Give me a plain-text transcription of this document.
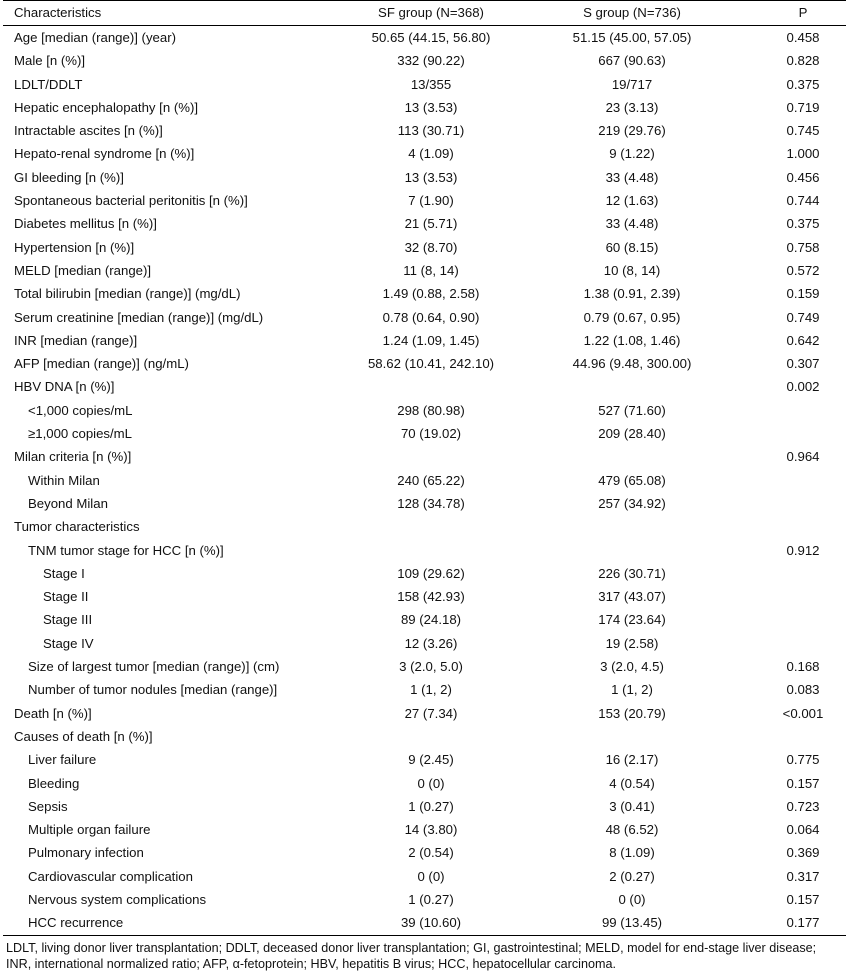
Characteristics	SF group (N=368)	S group (N=736)	P
Age [median (range)] (year)	50.65 (44.15, 56.80)	51.15 (45.00, 57.05)	0.458
Male [n (%)]	332 (90.22)	667 (90.63)	0.828
LDLT/DDLT	13/355	19/717	0.375
Hepatic encephalopathy [n (%)]	13 (3.53)	23 (3.13)	0.719
Intractable ascites [n (%)]	113 (30.71)	219 (29.76)	0.745
Hepato-renal syndrome [n (%)]	4 (1.09)	9 (1.22)	1.000
GI bleeding [n (%)]	13 (3.53)	33 (4.48)	0.456
Spontaneous bacterial peritonitis [n (%)]	7 (1.90)	12 (1.63)	0.744
Diabetes mellitus [n (%)]	21 (5.71)	33 (4.48)	0.375
Hypertension [n (%)]	32 (8.70)	60 (8.15)	0.758
MELD [median (range)]	11 (8, 14)	10 (8, 14)	0.572
Total bilirubin [median (range)] (mg/dL)	1.49 (0.88, 2.58)	1.38 (0.91, 2.39)	0.159
Serum creatinine [median (range)] (mg/dL)	0.78 (0.64, 0.90)	0.79 (0.67, 0.95)	0.749
INR [median (range)]	1.24 (1.09, 1.45)	1.22 (1.08, 1.46)	0.642
AFP [median (range)] (ng/mL)	58.62 (10.41, 242.10)	44.96 (9.48, 300.00)	0.307
HBV DNA [n (%)]			0.002
<1,000 copies/mL	298 (80.98)	527 (71.60)	
≥1,000 copies/mL	70 (19.02)	209 (28.40)	
Milan criteria [n (%)]			0.964
Within Milan	240 (65.22)	479 (65.08)	
Beyond Milan	128 (34.78)	257 (34.92)	
Tumor characteristics			
TNM tumor stage for HCC [n (%)]			0.912
Stage I	109 (29.62)	226 (30.71)	
Stage II	158 (42.93)	317 (43.07)	
Stage III	89 (24.18)	174 (23.64)	
Stage IV	12 (3.26)	19 (2.58)	
Size of largest tumor [median (range)] (cm)	3 (2.0, 5.0)	3 (2.0, 4.5)	0.168
Number of tumor nodules [median (range)]	1 (1, 2)	1 (1, 2)	0.083
Death [n (%)]	27 (7.34)	153 (20.79)	<0.001
Causes of death [n (%)]			
Liver failure	9 (2.45)	16 (2.17)	0.775
Bleeding	0 (0)	4 (0.54)	0.157
Sepsis	1 (0.27)	3 (0.41)	0.723
Multiple organ failure	14 (3.80)	48 (6.52)	0.064
Pulmonary infection	2 (0.54)	8 (1.09)	0.369
Cardiovascular complication	0 (0)	2 (0.27)	0.317
Nervous system complications	1 (0.27)	0 (0)	0.157
HCC recurrence	39 (10.60)	99 (13.45)	0.177
LDLT, living donor liver transplantation; DDLT, deceased donor liver transplantation; GI, gastrointestinal; MELD, model for end-stage liver disease; INR, international normalized ratio; AFP, α-fetoprotein; HBV, hepatitis B virus; HCC, hepatocellular carcinoma.
